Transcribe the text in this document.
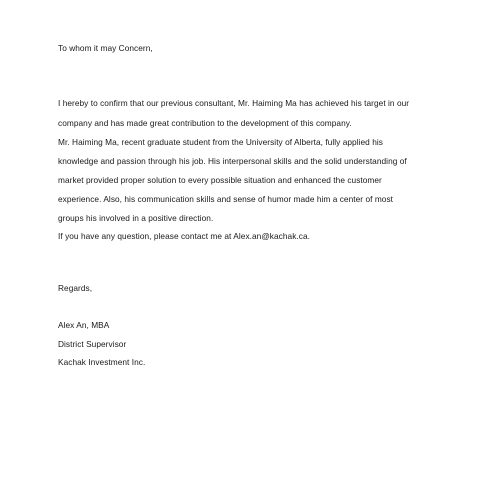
To whom it may Concern,
I hereby to confirm that our previous consultant, Mr. Haiming Ma has achieved his target in our
company and has made great contribution to the development of this company.
Mr. Haiming Ma, recent graduate student from the University of Alberta, fully applied his
knowledge and passion through his job. His interpersonal skills and the solid understanding of
market provided proper solution to every possible situation and enhanced the customer
experience. Also, his communication skills and sense of humor made him a center of most
groups his involved in a positive direction.
If you have any question, please contact me at Alex.an@kachak.ca.
Regards,
Alex An, MBA
District Supervisor
Kachak Investment Inc.
